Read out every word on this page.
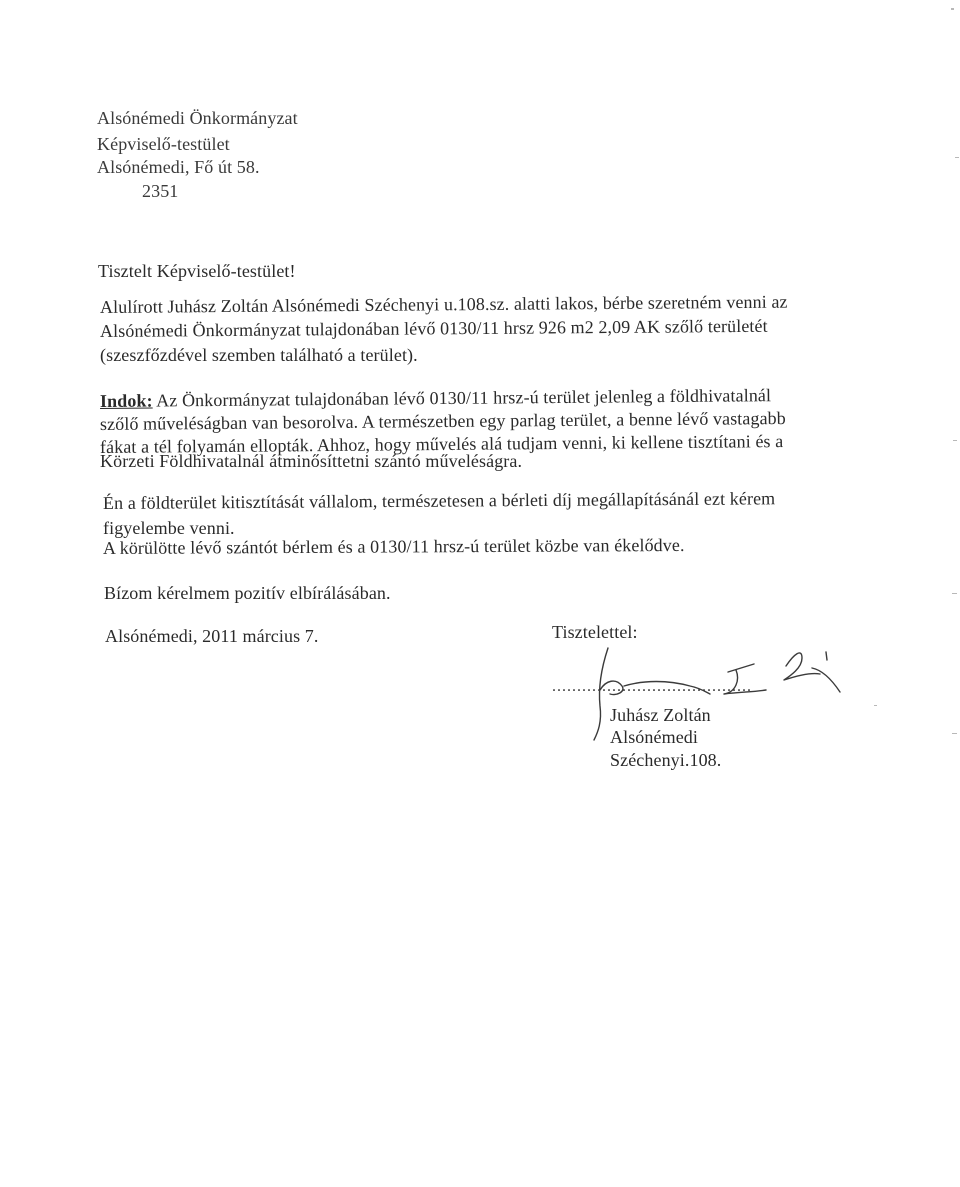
Alsónémedi Önkormányzat
Képviselő-testület
Alsónémedi, Fő út 58.
2351
Tisztelt Képviselő-testület!
Alulírott Juhász Zoltán Alsónémedi Széchenyi u.108.sz. alatti lakos, bérbe szeretném venni az
Alsónémedi Önkormányzat tulajdonában lévő 0130/11 hrsz 926 m2 2,09 AK szőlő területét
(szeszfőzdével szemben található a terület).
Indok: Az Önkormányzat tulajdonában lévő 0130/11 hrsz-ú terület jelenleg a földhivatalnál
szőlő műveléságban van besorolva. A természetben egy parlag terület, a benne lévő vastagabb
fákat a tél folyamán ellopták. Ahhoz, hogy művelés alá tudjam venni, ki kellene tisztítani és a
Körzeti Földhivatalnál átminősíttetni szántó műveléságra.
Én a földterület kitisztítását vállalom, természetesen a bérleti díj megállapításánál ezt kérem
figyelembe venni.
A körülötte lévő szántót bérlem és a 0130/11 hrsz-ú terület közbe van ékelődve.
Bízom kérelmem pozitív elbírálásában.
Alsónémedi, 2011 március 7.	Tisztelettel:
........................................
Juhász Zoltán
Alsónémedi
Széchenyi.108.
